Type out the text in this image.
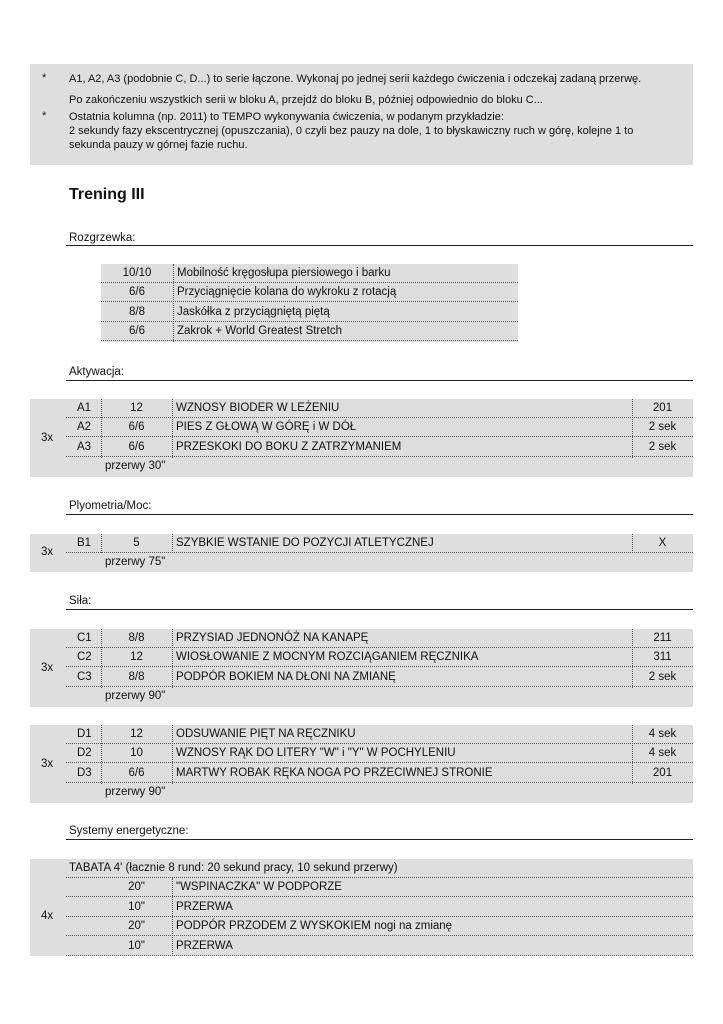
* A1, A2, A3 (podobnie C, D...) to serie łączone. Wykonaj po jednej serii każdego ćwiczenia i odczekaj zadaną przerwę.
Po zakończeniu wszystkich serii w bloku A, przejdź do bloku B, później odpowiednio do bloku C...
* Ostatnia kolumna (np. 2011) to TEMPO wykonywania ćwiczenia, w podanym przykładzie:
2 sekundy fazy ekscentrycznej (opuszczania), 0 czyli bez pauzy na dole, 1 to błyskawiczny ruch w górę, kolejne 1 to
sekunda pauzy w górnej fazie ruchu.
Trening III
Rozgrzewka:
10/10	Mobilność kręgosłupa piersiowego i barku
6/6	Przyciągnięcie kolana do wykroku z rotacją
8/8	Jaskółka z przyciągniętą piętą
6/6	Zakrok + World Greatest Stretch
Aktywacja:
3x
A1	12	WZNOSY BIODER W LEŻENIU	201
A2	6/6	PIES Z GŁOWĄ W GÓRĘ i W DÓŁ	2 sek
A3	6/6	PRZESKOKI DO BOKU Z ZATRZYMANIEM	2 sek
przerwy 30"
Plyometria/Moc:
3x
B1	5	SZYBKIE WSTANIE DO POZYCJI ATLETYCZNEJ	X
przerwy 75"
Siła:
3x
C1	8/8	PRZYSIAD JEDNONÓŻ NA KANAPĘ	211
C2	12	WIOSŁOWANIE Z MOCNYM ROZCIĄGANIEM RĘCZNIKA	311
C3	8/8	PODPÓR BOKIEM NA DŁONI NA ZMIANĘ	2 sek
przerwy 90"
3x
D1	12	ODSUWANIE PIĘT NA RĘCZNIKU	4 sek
D2	10	WZNOSY RĄK DO LITERY "W" i "Y" W POCHYLENIU	4 sek
D3	6/6	MARTWY ROBAK RĘKA NOGA PO PRZECIWNEJ STRONIE	201
przerwy 90"
Systemy energetyczne:
4x
TABATA 4' (łacznie 8 rund: 20 sekund pracy, 10 sekund przerwy)
20"	"WSPINACZKA" W PODPORZE
10"	PRZERWA
20"	PODPÓR PRZODEM Z WYSKOKIEM nogi na zmianę
10"	PRZERWA
